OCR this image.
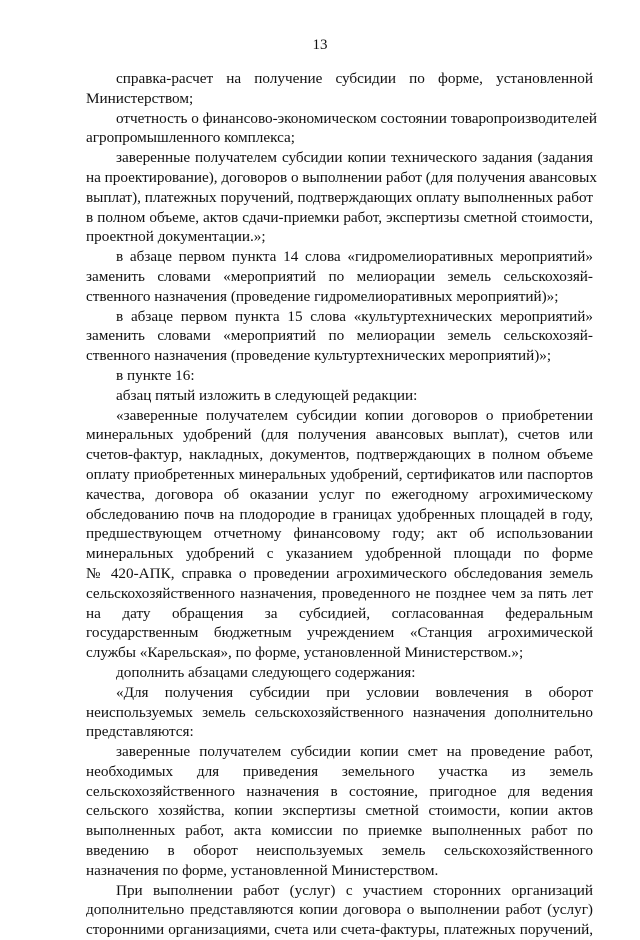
13
справка-расчет на получение субсидии по форме, установленной
Министерством;
отчетность о финансово-экономическом состоянии товаропроизводителей
агропромышленного комплекса;
заверенные получателем субсидии копии технического задания (задания
на проектирование), договоров о выполнении работ (для получения авансовых
выплат), платежных поручений, подтверждающих оплату выполненных работ
в полном объеме, актов сдачи-приемки работ, экспертизы сметной стоимости,
проектной документации.»;
в абзаце первом пункта 14 слова «гидромелиоративных мероприятий»
заменить словами «мероприятий по мелиорации земель сельскохозяй-
ственного назначения (проведение гидромелиоративных мероприятий)»;
в абзаце первом пункта 15 слова «культуртехнических мероприятий»
заменить словами «мероприятий по мелиорации земель сельскохозяй-
ственного назначения (проведение культуртехнических мероприятий)»;
в пункте 16:
абзац пятый изложить в следующей редакции:
«заверенные получателем субсидии копии договоров о приобретении
минеральных удобрений (для получения авансовых выплат), счетов или
счетов-фактур, накладных, документов, подтверждающих в полном объеме
оплату приобретенных минеральных удобрений, сертификатов или паспортов
качества, договора об оказании услуг по ежегодному агрохимическому
обследованию почв на плодородие в границах удобренных площадей в году,
предшествующем отчетному финансовому году; акт об использовании
минеральных удобрений с указанием удобренной площади по форме
№ 420-АПК, справка о проведении агрохимического обследования земель
сельскохозяйственного назначения, проведенного не позднее чем за пять лет
на дату обращения за субсидией, согласованная федеральным
государственным бюджетным учреждением «Станция агрохимической
службы «Карельская», по форме, установленной Министерством.»;
дополнить абзацами следующего содержания:
«Для получения субсидии при условии вовлечения в оборот
неиспользуемых земель сельскохозяйственного назначения дополнительно
представляются:
заверенные получателем субсидии копии смет на проведение работ,
необходимых для приведения земельного участка из земель
сельскохозяйственного назначения в состояние, пригодное для ведения
сельского хозяйства, копии экспертизы сметной стоимости, копии актов
выполненных работ, акта комиссии по приемке выполненных работ по
введению в оборот неиспользуемых земель сельскохозяйственного
назначения по форме, установленной Министерством.
При выполнении работ (услуг) с участием сторонних организаций
дополнительно представляются копии договора о выполнении работ (услуг)
сторонними организациями, счета или счета-фактуры, платежных поручений,
